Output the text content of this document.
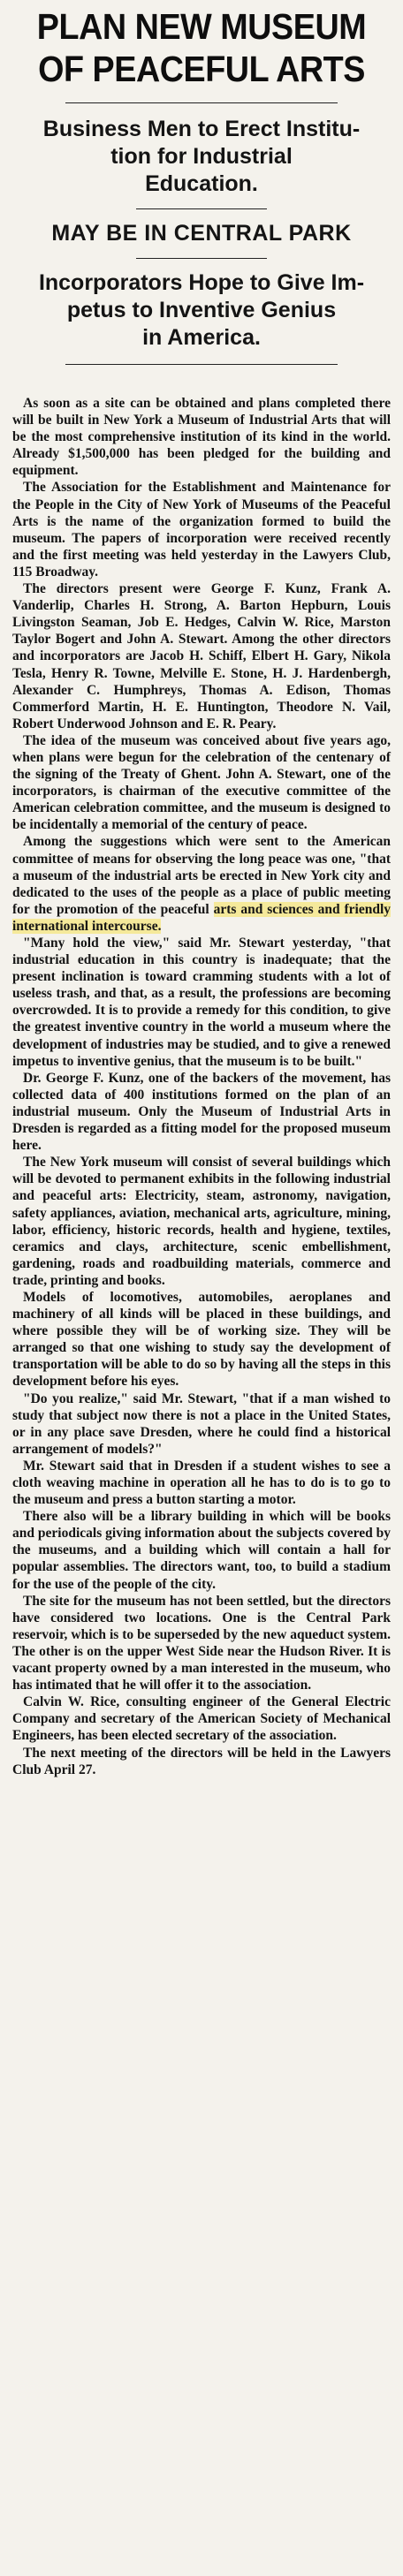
PLAN NEW MUSEUM
OF PEACEFUL ARTS

Business Men to Erect Institu-

tion for Industrial

Education.

MAY BE IN CENTRAL PARK

Incorporators Hope to Give Im-

petus to Inventive Genius

in America.

As soon as a site can be obtained and plans completed there will be built in New York a Museum of Industrial Arts that will be the most comprehensive institution of its kind in the world. Already $1,500,000 has been pledged for the building and equipment.

The Association for the Establishment and Maintenance for the People in the City of New York of Museums of the Peaceful Arts is the name of the organization formed to build the museum. The papers of incorporation were received recently and the first meeting was held yesterday in the Lawyers Club, 115 Broadway.

The directors present were George F. Kunz, Frank A. Vanderlip, Charles H. Strong, A. Barton Hepburn, Louis Livingston Seaman, Job E. Hedges, Calvin W. Rice, Marston Taylor Bogert and John A. Stewart. Among the other directors and incorporators are Jacob H. Schiff, Elbert H. Gary, Nikola Tesla, Henry R. Towne, Melville E. Stone, H. J. Hardenbergh, Alexander C. Humphreys, Thomas A. Edison, Thomas Commerford Martin, H. E. Huntington, Theodore N. Vail, Robert Underwood Johnson and E. R. Peary.

The idea of the museum was conceived about five years ago, when plans were begun for the celebration of the centenary of the signing of the Treaty of Ghent. John A. Stewart, one of the incorporators, is chairman of the executive committee of the American celebration committee, and the museum is designed to be incidentally a memorial of the century of peace.

Among the suggestions which were sent to the American committee of means for observing the long peace was one, "that a museum of the industrial arts be erected in New York city and dedicated to the uses of the people as a place of public meeting for the promotion of the peaceful arts and sciences and friendly international intercourse.

"Many hold the view," said Mr. Stewart yesterday, "that industrial education in this country is inadequate; that the present inclination is toward cramming students with a lot of useless trash, and that, as a result, the professions are becoming overcrowded. It is to provide a remedy for this condition, to give the greatest inventive country in the world a museum where the development of industries may be studied, and to give a renewed impetus to inventive genius, that the museum is to be built."

Dr. George F. Kunz, one of the backers of the movement, has collected data of 400 institutions formed on the plan of an industrial museum. Only the Museum of Industrial Arts in Dresden is regarded as a fitting model for the proposed museum here.

The New York museum will consist of several buildings which will be devoted to permanent exhibits in the following industrial and peaceful arts: Electricity, steam, astronomy, navigation, safety appliances, aviation, mechanical arts, agriculture, mining, labor, efficiency, historic records, health and hygiene, textiles, ceramics and clays, architecture, scenic embellishment, gardening, roads and roadbuilding materials, commerce and trade, printing and books.

Models of locomotives, automobiles, aeroplanes and machinery of all kinds will be placed in these buildings, and where possible they will be of working size. They will be arranged so that one wishing to study say the development of transportation will be able to do so by having all the steps in this development before his eyes.

"Do you realize," said Mr. Stewart, "that if a man wished to study that subject now there is not a place in the United States, or in any place save Dresden, where he could find a historical arrangement of models?"

Mr. Stewart said that in Dresden if a student wishes to see a cloth weaving machine in operation all he has to do is to go to the museum and press a button starting a motor.

There also will be a library building in which will be books and periodicals giving information about the subjects covered by the museums, and a building which will contain a hall for popular assemblies. The directors want, too, to build a stadium for the use of the people of the city.

The site for the museum has not been settled, but the directors have considered two locations. One is the Central Park reservoir, which is to be superseded by the new aqueduct system. The other is on the upper West Side near the Hudson River. It is vacant property owned by a man interested in the museum, who has intimated that he will offer it to the association.

Calvin W. Rice, consulting engineer of the General Electric Company and secretary of the American Society of Mechanical Engineers, has been elected secretary of the association.

The next meeting of the directors will be held in the Lawyers Club April 27.
